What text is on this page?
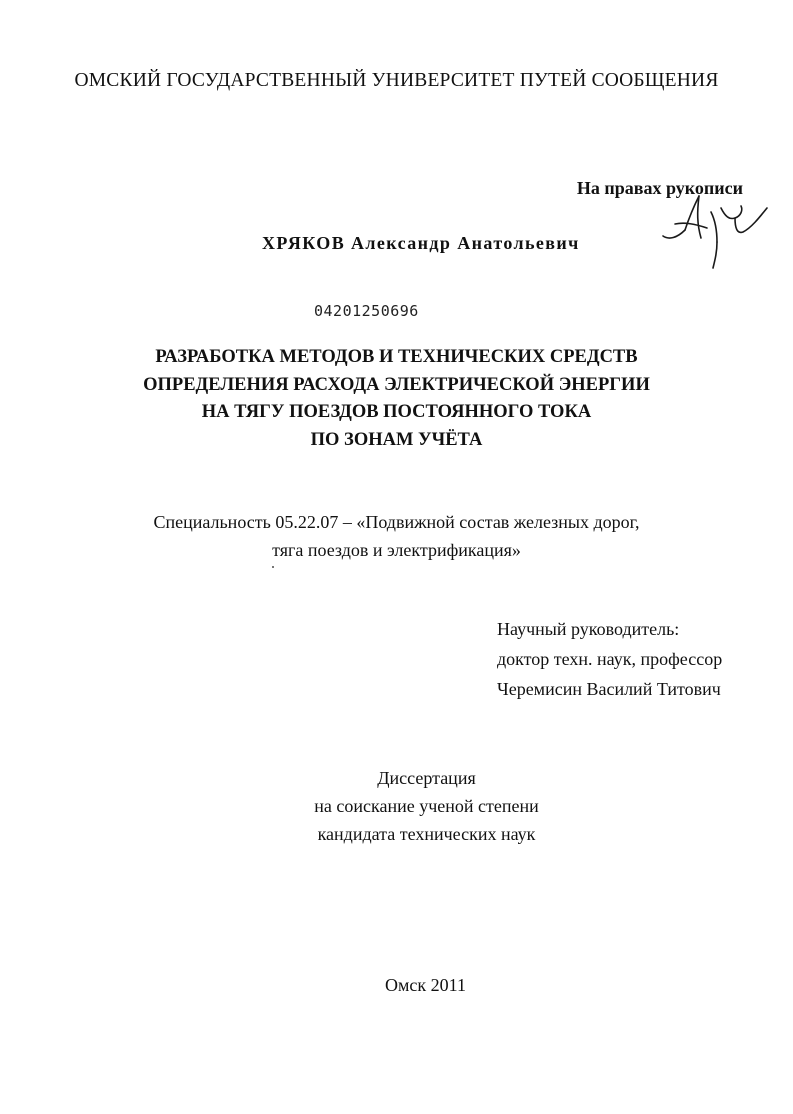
ОМСКИЙ ГОСУДАРСТВЕННЫЙ УНИВЕРСИТЕТ ПУТЕЙ СООБЩЕНИЯ
На правах рукописи
ХРЯКОВ Александр Анатольевич
04201250696
РАЗРАБОТКА МЕТОДОВ И ТЕХНИЧЕСКИХ СРЕДСТВ
ОПРЕДЕЛЕНИЯ РАСХОДА ЭЛЕКТРИЧЕСКОЙ ЭНЕРГИИ
НА ТЯГУ ПОЕЗДОВ ПОСТОЯННОГО ТОКА
ПО ЗОНАМ УЧЁТА
Специальность 05.22.07 – «Подвижной состав железных дорог,
тяга поездов и электрификация»
Научный руководитель:
доктор техн. наук, профессор
Черемисин Василий Титович
Диссертация
на соискание ученой степени
кандидата технических наук
Омск 2011
